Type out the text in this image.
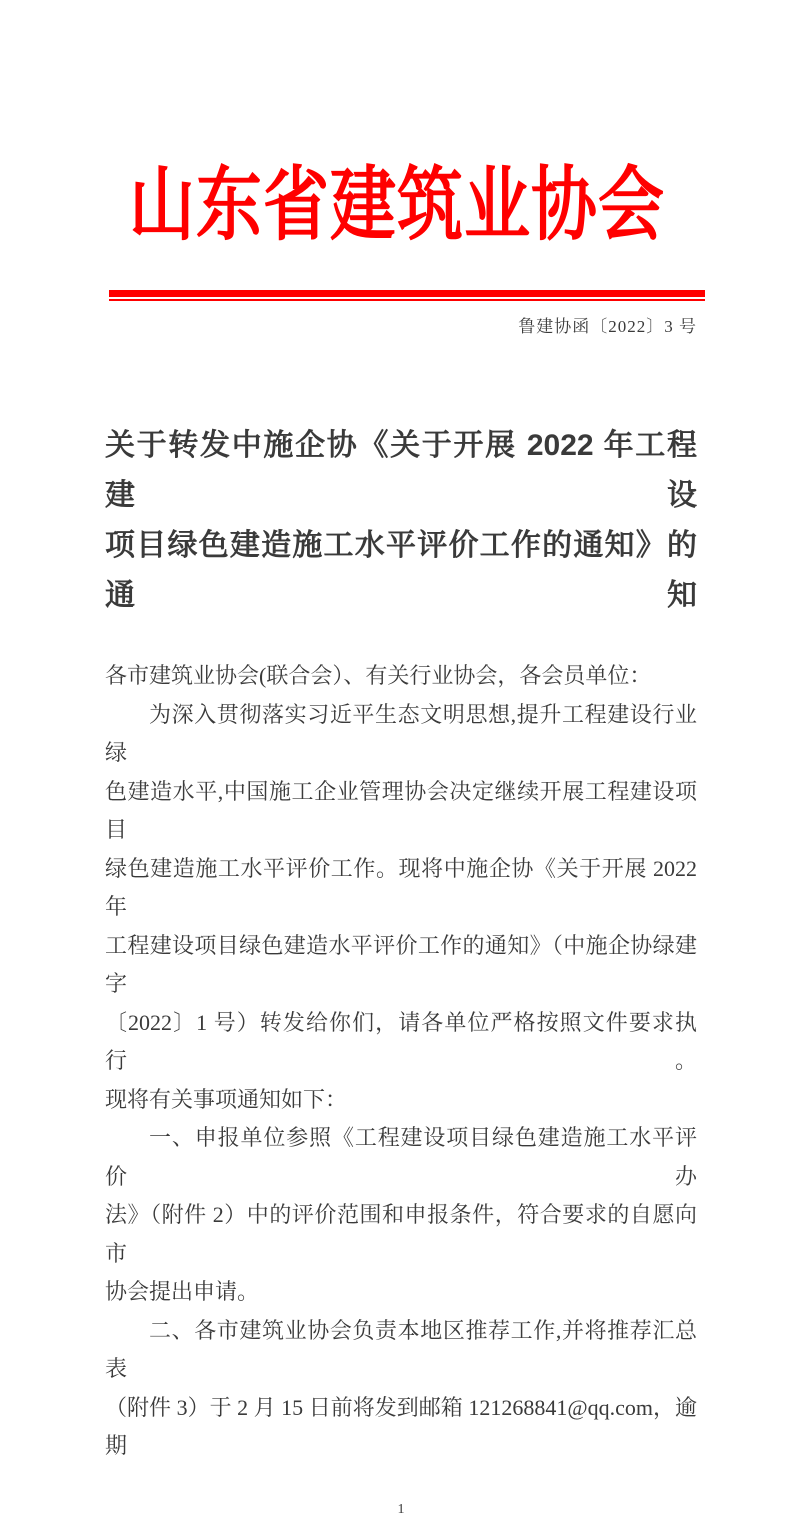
山东省建筑业协会
鲁建协函〔2022〕3 号
关于转发中施企协《关于开展 2022 年工程建设
项目绿色建造施工水平评价工作的通知》的通知
各市建筑业协会(联合会）、有关行业协会，各会员单位：
为深入贯彻落实习近平生态文明思想,提升工程建设行业绿
色建造水平,中国施工企业管理协会决定继续开展工程建设项目
绿色建造施工水平评价工作。现将中施企协《关于开展 2022 年
工程建设项目绿色建造水平评价工作的通知》（中施企协绿建字
〔2022〕1 号）转发给你们，请各单位严格按照文件要求执行。
现将有关事项通知如下：
一、申报单位参照《工程建设项目绿色建造施工水平评价办
法》（附件 2）中的评价范围和申报条件，符合要求的自愿向市
协会提出申请。
二、各市建筑业协会负责本地区推荐工作,并将推荐汇总表
（附件 3）于 2 月 15 日前将发到邮箱 121268841@qq.com，逾期
1
